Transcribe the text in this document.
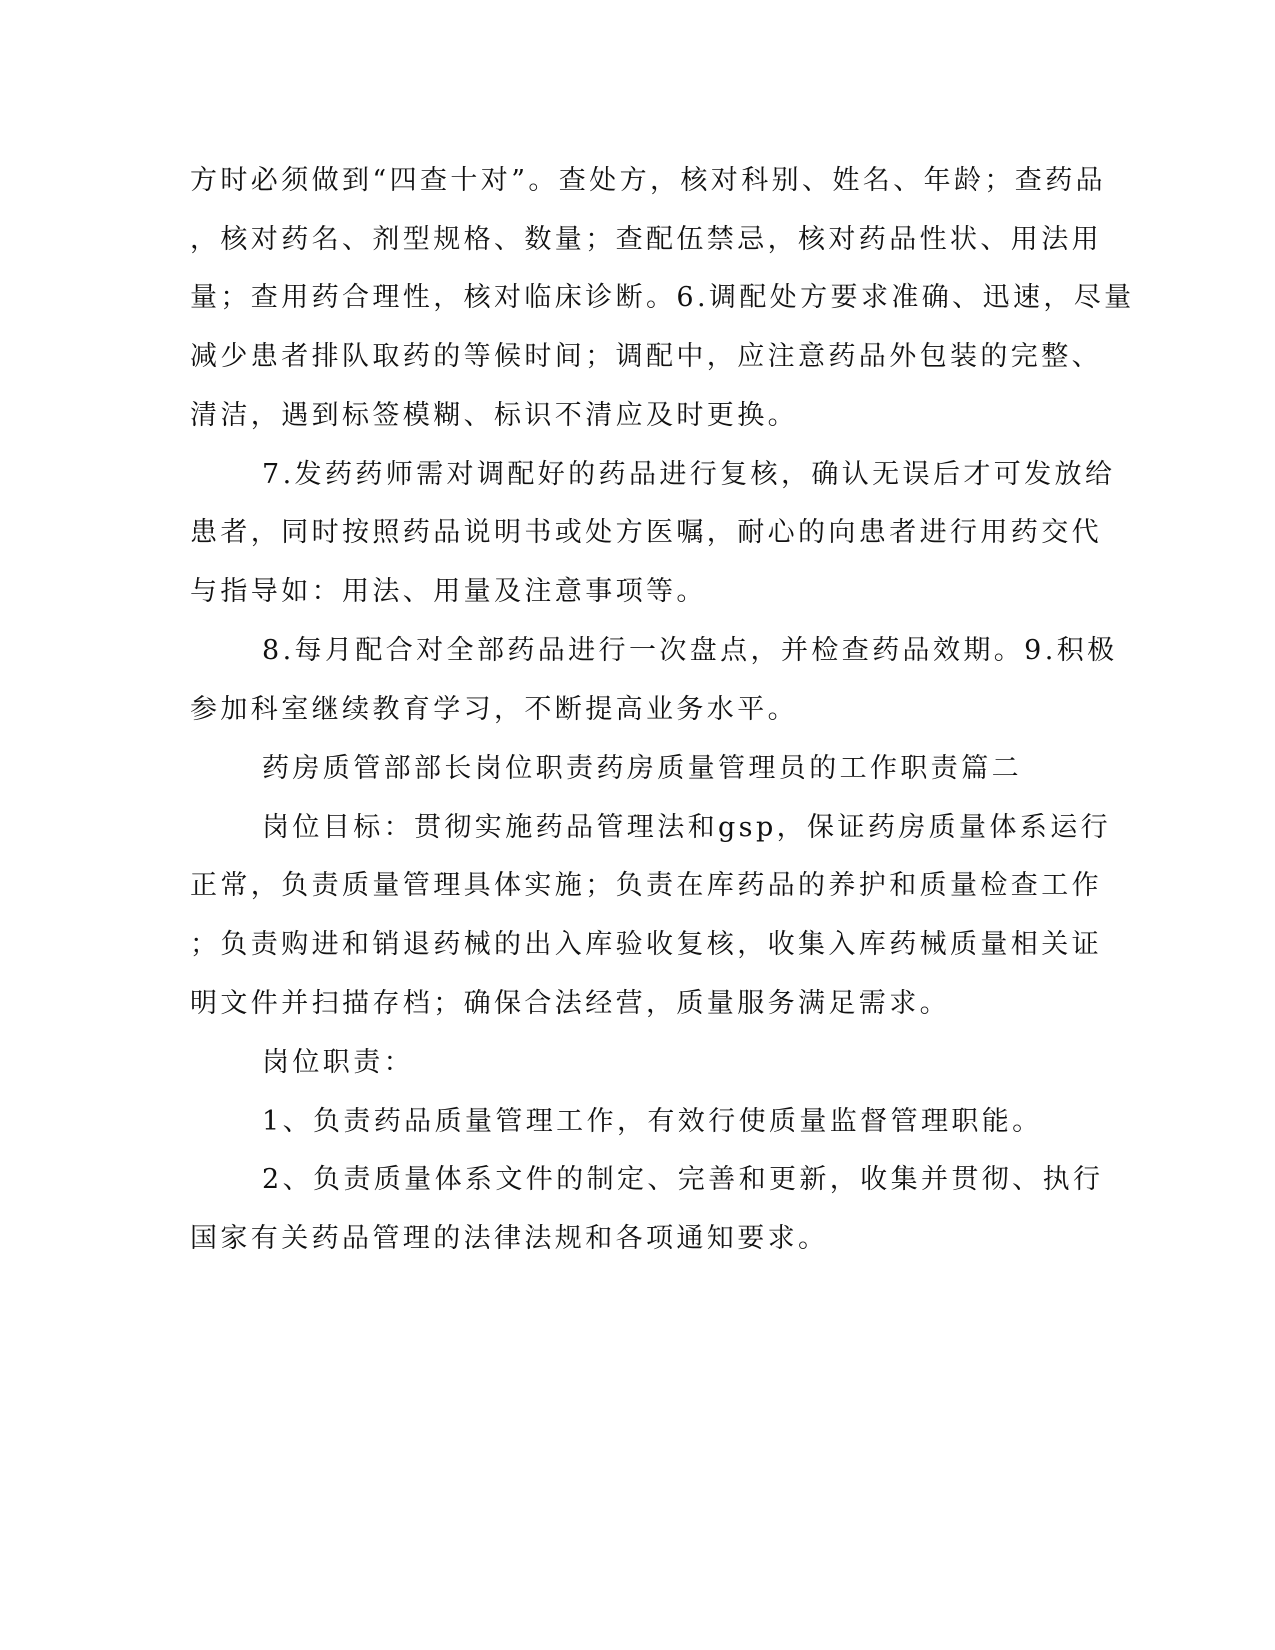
方时必须做到“四查十对”。查处方，核对科别、姓名、年龄；查药品
，核对药名、剂型规格、数量；查配伍禁忌，核对药品性状、用法用
量；查用药合理性，核对临床诊断。6.调配处方要求准确、迅速，尽量
减少患者排队取药的等候时间；调配中，应注意药品外包装的完整、
清洁，遇到标签模糊、标识不清应及时更换。
7.发药药师需对调配好的药品进行复核，确认无误后才可发放给
患者，同时按照药品说明书或处方医嘱，耐心的向患者进行用药交代
与指导如：用法、用量及注意事项等。
8.每月配合对全部药品进行一次盘点，并检查药品效期。9.积极
参加科室继续教育学习，不断提高业务水平。
药房质管部部长岗位职责药房质量管理员的工作职责篇二
岗位目标：贯彻实施药品管理法和gsp，保证药房质量体系运行
正常，负责质量管理具体实施；负责在库药品的养护和质量检查工作
；负责购进和销退药械的出入库验收复核，收集入库药械质量相关证
明文件并扫描存档；确保合法经营，质量服务满足需求。
岗位职责：
1、负责药品质量管理工作，有效行使质量监督管理职能。
2、负责质量体系文件的制定、完善和更新，收集并贯彻、执行
国家有关药品管理的法律法规和各项通知要求。
